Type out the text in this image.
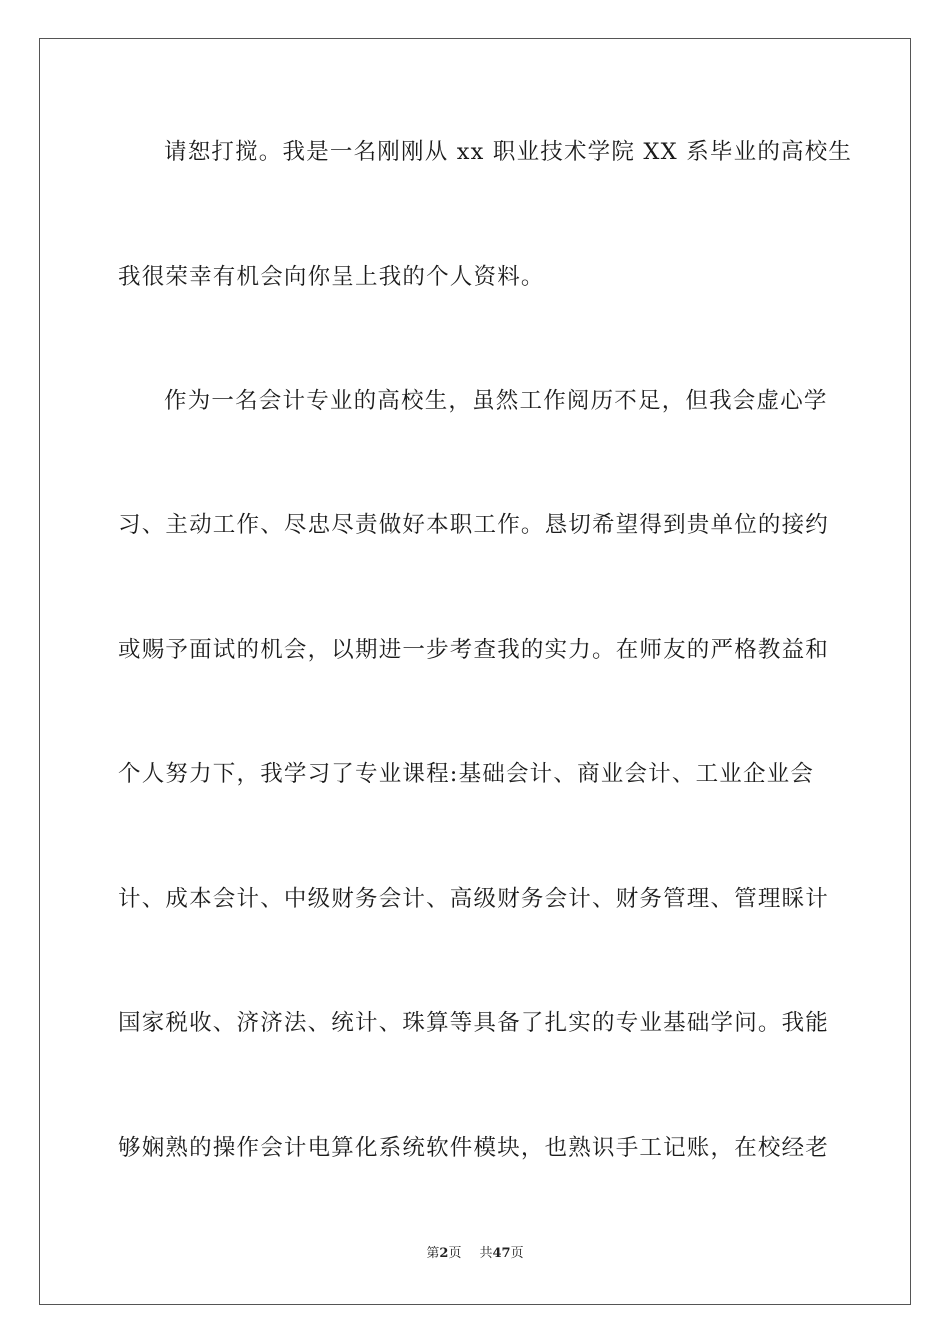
请恕打搅。我是一名刚刚从 xx 职业技术学院 XX 系毕业的高校生
我很荣幸有机会向你呈上我的个人资料。
作为一名会计专业的高校生，虽然工作阅历不足，但我会虚心学
习、主动工作、尽忠尽责做好本职工作。恳切希望得到贵单位的接约
或赐予面试的机会，以期进一步考查我的实力。在师友的严格教益和
个人努力下，我学习了专业课程:基础会计、商业会计、工业企业会
计、成本会计、中级财务会计、高级财务会计、财务管理、管理睬计
国家税收、济济法、统计、珠算等具备了扎实的专业基础学问。我能
够娴熟的操作会计电算化系统软件模块，也熟识手工记账，在校经老
第2页 共47页
